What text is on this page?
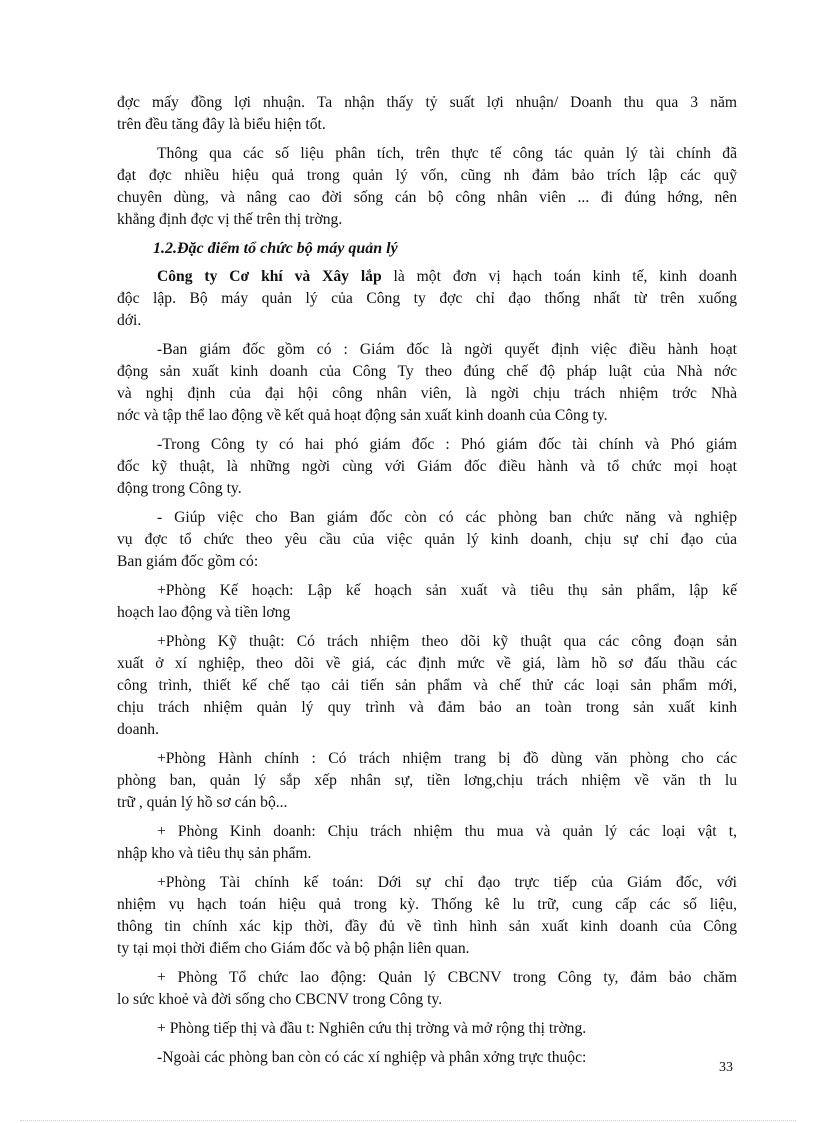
đợc mấy đồng lợi nhuận. Ta nhận thấy tỷ suất lợi nhuận/ Doanh thu qua 3 năm
trên đều tăng đây là biểu hiện tốt.

Thông qua các số liệu phân tích, trên thực tế công tác quản lý tài chính đã
đạt đợc nhiều hiệu quả trong quản lý vốn, cũng nh đảm bảo trích lập các quỹ
chuyên dùng, và nâng cao đời sống cán bộ công nhân viên ... đi đúng hớng, nên
khẳng định đợc vị thế trên thị trờng.

1.2.Đặc điểm tổ chức bộ máy quản lý

Công ty Cơ khí và Xây lắp là một đơn vị hạch toán kinh tế, kinh doanh
độc lập. Bộ máy quản lý của Công ty đợc chỉ đạo thống nhất từ trên xuống
dới.

-Ban giám đốc gồm có : Giám đốc là ngời quyết định việc điều hành hoạt
động sản xuất kinh doanh của Công Ty theo đúng chế độ pháp luật của Nhà nớc
và nghị định của đại hội công nhân viên, là ngời chịu trách nhiệm trớc Nhà
nớc và tập thể lao động về kết quả hoạt động sản xuất kinh doanh của Công ty.

-Trong Công ty có hai phó giám đốc : Phó giám đốc tài chính và Phó giám
đốc kỹ thuật, là những ngời cùng với Giám đốc điều hành và tổ chức mọi hoạt
động trong Công ty.

- Giúp việc cho Ban giám đốc còn có các phòng ban chức năng và nghiệp
vụ đợc tổ chức theo yêu cầu của việc quản lý kinh doanh, chịu sự chỉ đạo của
Ban giám đốc gồm có:

+Phòng Kế hoạch: Lập kế hoạch sản xuất và tiêu thụ sản phẩm, lập kế
hoạch lao động và tiền lơng

+Phòng Kỹ thuật: Có trách nhiệm theo dõi kỹ thuật qua các công đoạn sản
xuất ở xí nghiệp, theo dõi về giá, các định mức về giá, làm hồ sơ đấu thầu các
công trình, thiết kế chế tạo cải tiến sản phẩm và chế thử các loại sản phẩm mới,
chịu trách nhiệm quản lý quy trình và đảm bảo an toàn trong sản xuất kinh
doanh.

+Phòng Hành chính : Có trách nhiệm trang bị đồ dùng văn phòng cho các
phòng ban, quản lý sắp xếp nhân sự, tiền lơng,chịu trách nhiệm về văn th lu
trữ , quản lý hồ sơ cán bộ...

+ Phòng Kinh doanh: Chịu trách nhiệm thu mua và quản lý các loại vật t,
nhập kho và tiêu thụ sản phẩm.

+Phòng Tài chính kế toán: Dới sự chỉ đạo trực tiếp của Giám đốc, với
nhiệm vụ hạch toán hiệu quả trong kỳ. Thống kê lu trữ, cung cấp các số liệu,
thông tin chính xác kịp thời, đầy đủ về tình hình sản xuất kinh doanh của Công
ty tại mọi thời điểm cho Giám đốc và bộ phận liên quan.

+ Phòng Tổ chức lao động: Quản lý CBCNV trong Công ty, đảm bảo chăm
lo sức khoẻ và đời sống cho CBCNV trong Công ty.

+ Phòng tiếp thị và đầu t: Nghiên cứu thị trờng và mở rộng thị trờng.

-Ngoài các phòng ban còn có các xí nghiệp và phân xởng trực thuộc:

33
